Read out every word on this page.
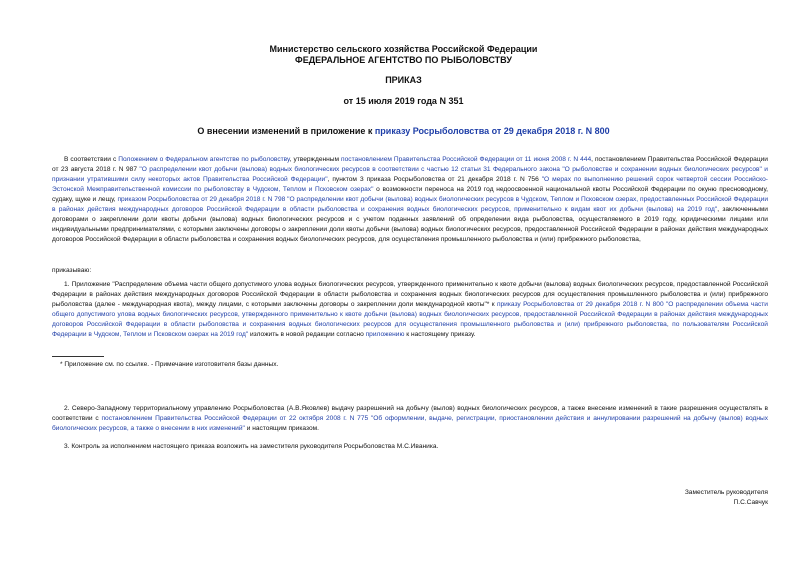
Министерство сельского хозяйства Российской Федерации
ФЕДЕРАЛЬНОЕ АГЕНТСТВО ПО РЫБОЛОВСТВУ
ПРИКАЗ
от 15 июля 2019 года N 351
О внесении изменений в приложение к приказу Росрыболовства от 29 декабря 2018 г. N 800
В соответствии с Положением о Федеральном агентстве по рыболовству, утвержденным постановлением Правительства Российской Федерации от 11 июня 2008 г. N 444, постановлением Правительства Российской Федерации от 23 августа 2018 г. N 987 "О распределении квот добычи (вылова) водных биологических ресурсов в соответствии с частью 12 статьи 31 Федерального закона "О рыболовстве и сохранении водных биологических ресурсов" и признании утратившими силу некоторых актов Правительства Российской Федерации", пунктом 3 приказа Росрыболовства от 21 декабря 2018 г. N 756 "О мерах по выполнению решений сорок четвертой сессии Российско-Эстонской Межправительственной комиссии по рыболовству в Чудском, Теплом и Псковском озерах" о возможности переноса на 2019 год недоосвоенной национальной квоты Российской Федерации по окуню пресноводному, судаку, щуке и лещу, приказом Росрыболовства от 29 декабря 2018 г. N 798 "О распределении квот добычи (вылова) водных биологических ресурсов в Чудском, Теплом и Псковском озерах, предоставленных Российской Федерации в районах действия международных договоров Российской Федерации в области рыболовства и сохранения водных биологических ресурсов, применительно к видам квот их добычи (вылова) на 2019 год", заключенными договорами о закреплении доли квоты добычи (вылова) водных биологических ресурсов и с учетом поданных заявлений об определении вида рыболовства, осуществляемого в 2019 году, юридическими лицами или индивидуальными предпринимателями, с которыми заключены договоры о закреплении доли квоты добычи (вылова) водных биологических ресурсов, предоставленной Российской Федерации в районах действия международных договоров Российской Федерации в области рыболовства и сохранения водных биологических ресурсов, для осуществления промышленного рыболовства и (или) прибрежного рыболовства,
приказываю:
1. Приложение "Распределение объема части общего допустимого улова водных биологических ресурсов, утвержденного применительно к квоте добычи (вылова) водных биологических ресурсов, предоставленной Российской Федерации в районах действия международных договоров Российской Федерации в области рыболовства и сохранения водных биологических ресурсов для осуществления промышленного рыболовства и (или) прибрежного рыболовства (далее - международная квота), между лицами, с которыми заключены договоры о закреплении доли международной квоты"* к приказу Росрыболовства от 29 декабря 2018 г. N 800 "О распределении объема части общего допустимого улова водных биологических ресурсов, утвержденного применительно к квоте добычи (вылова) водных биологических ресурсов, предоставленной Российской Федерации в районах действия международных договоров Российской Федерации в области рыболовства и сохранения водных биологических ресурсов для осуществления промышленного рыболовства и (или) прибрежного рыболовства, по пользователям Российской Федерации в Чудском, Теплом и Псковском озерах на 2019 год" изложить в новой редакции согласно приложению к настоящему приказу.
* Приложение см. по ссылке. - Примечание изготовителя базы данных.
2. Северо-Западному территориальному управлению Росрыболовства (А.В.Яковлев) выдачу разрешений на добычу (вылов) водных биологических ресурсов, а также внесение изменений в такие разрешения осуществлять в соответствии с постановлением Правительства Российской Федерации от 22 октября 2008 г. N 775 "Об оформлении, выдаче, регистрации, приостановлении действия и аннулировании разрешений на добычу (вылов) водных биологических ресурсов, а также о внесении в них изменений" и настоящим приказом.
3. Контроль за исполнением настоящего приказа возложить на заместителя руководителя Росрыболовства М.С.Иваника.
Заместитель руководителя
П.С.Савчук
